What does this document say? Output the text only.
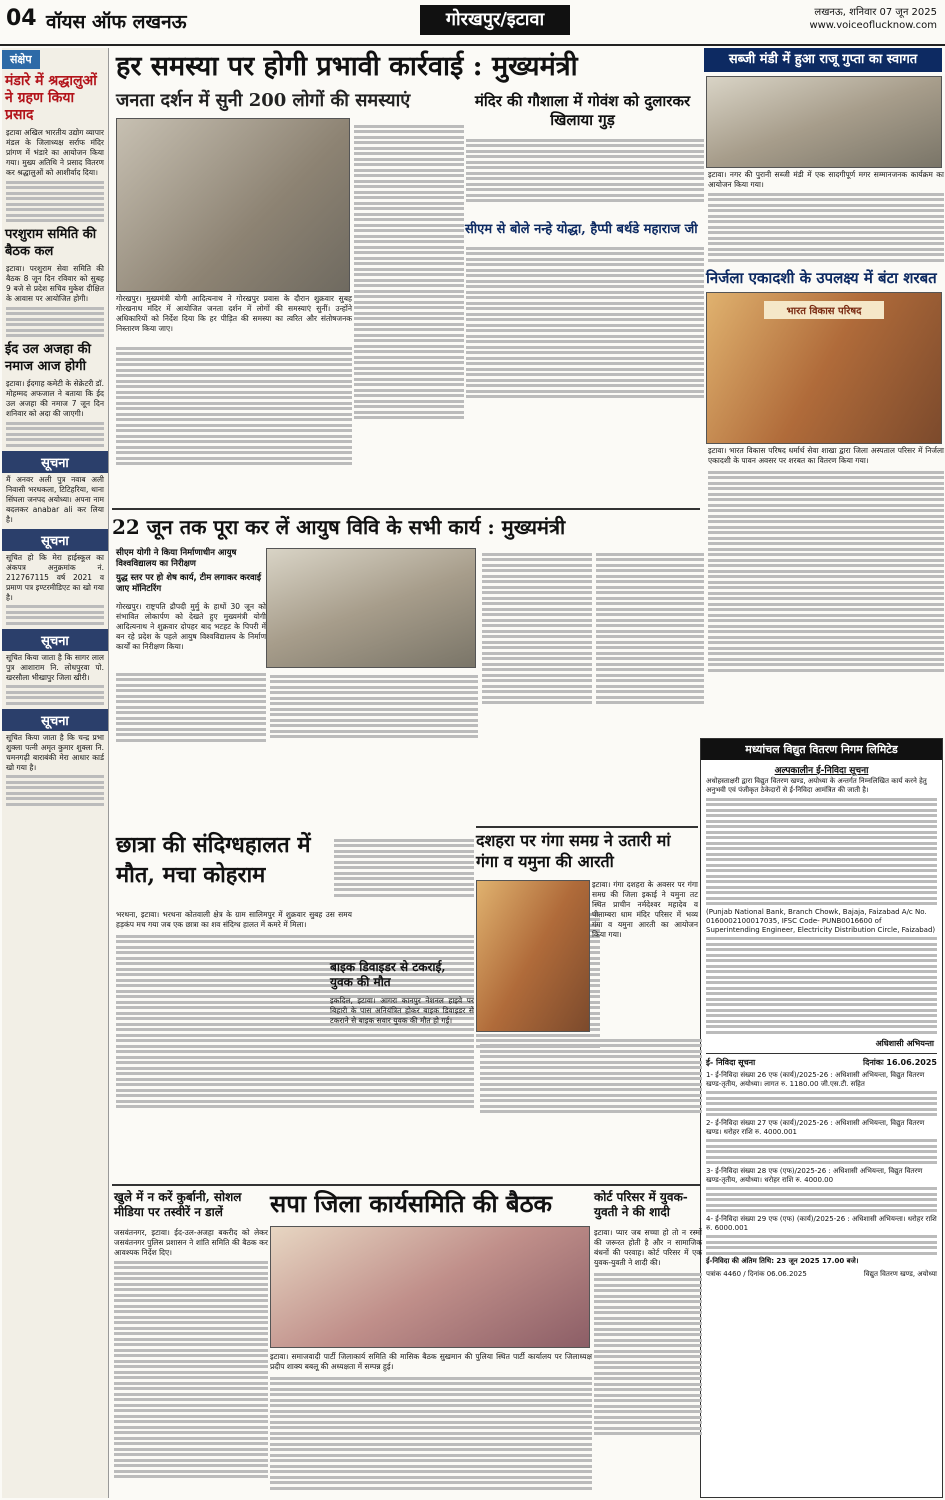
04 वॉयस ऑफ लखनऊ	गोरखपुर/इटावा	लखनऊ, शनिवार 07 जून 2025
www.voiceoflucknow.com
संक्षेप
मंडारे में श्रद्धालुओं ने ग्रहण किया प्रसाद
इटावा अखिल भारतीय उद्योग व्यापार मंडल के जिलाध्यक्ष सर्राफ मंदिर प्रांगण में भंडारे का आयोजन किया गया। मुख्य अतिथि ने प्रसाद वितरण कर श्रद्धालुओं को आशीर्वाद दिया।
परशुराम समिति की बैठक कल
इटावा। परशुराम सेवा समिति की बैठक 8 जून दिन रविवार को सुबह 9 बजे से प्रदेश सचिव मुकेश दीक्षित के आवास पर आयोजित होगी।
ईद उल अजहा की नमाज आज होगी
इटावा। ईदगाह कमेटी के सेक्रेटरी डॉ. मोहम्मद अफजाल ने बताया कि ईद उल अजहा की नमाज 7 जून दिन शनिवार को अदा की जाएगी।
सूचना
मैं अनवर अली पुत्र नवाब अली निवासी भरथकला, टिटिहरिया, थाना सिंघला जनपद अयोध्या। अपना नाम बदलकर anabar ali कर लिया है।
सूचना
सूचित हो कि मेरा हाईस्कूल का अंकपत्र अनुक्रमांक नं. 212767115 वर्ष 2021 व प्रमाण पत्र इण्टरमीडिएट का खो गया है।
सूचना
सूचित किया जाता है कि सागर लाल पुत्र आशाराम नि. लोधपुरवा पो. खरसौला भीखापुर जिला खीरी।
सूचना
सूचित किया जाता है कि चन्द्र प्रभा शुक्ला पत्नी अमृत कुमार शुक्ला नि. चमनगढ़ी बाराबंकी मेरा आधार कार्ड खो गया है।
हर समस्या पर होगी प्रभावी कार्रवाई : मुख्यमंत्री
जनता दर्शन में सुनी 200 लोगों की समस्याएं
गोरखपुर। मुख्यमंत्री योगी आदित्यनाथ ने गोरखपुर प्रवास के दौरान शुक्रवार सुबह गोरखनाथ मंदिर में आयोजित जनता दर्शन में लोगों की समस्याएं सुनीं। उन्होंने अधिकारियों को निर्देश दिया कि हर पीड़ित की समस्या का त्वरित और संतोषजनक निस्तारण किया जाए।
मंदिर की गौशाला में गोवंश को दुलारकर खिलाया गुड़
सीएम से बोले नन्हे योद्धा, हैप्पी बर्थडे महाराज जी
सब्जी मंडी में हुआ राजू गुप्ता का स्वागत
इटावा। नगर की पुरानी सब्जी मंडी में एक सादगीपूर्ण मगर सम्मानजनक कार्यक्रम का आयोजन किया गया।
निर्जला एकादशी के उपलक्ष्य में बंटा शरबत
भारत विकास परिषद
इटावा। भारत विकास परिषद धर्मार्थ सेवा शाखा द्वारा जिला अस्पताल परिसर में निर्जला एकादशी के पावन अवसर पर शरबत का वितरण किया गया।
22 जून तक पूरा कर लें आयुष विवि के सभी कार्य : मुख्यमंत्री
सीएम योगी ने किया निर्माणाधीन आयुष विश्वविद्यालय का निरीक्षण
युद्ध स्तर पर हो शेष कार्य, टीम लगाकर करवाई जाए मॉनिटरिंग
गोरखपुर। राष्ट्रपति द्रौपदी मुर्मु के हाथों 30 जून को संभावित लोकार्पण को देखते हुए मुख्यमंत्री योगी आदित्यनाथ ने शुक्रवार दोपहर बाद भटहट के पिपरी में बन रहे प्रदेश के पहले आयुष विश्वविद्यालय के निर्माण कार्यों का निरीक्षण किया।
छात्रा की संदिग्धहालत में मौत, मचा कोहराम
भरथना, इटावा। भरथना कोतवाली क्षेत्र के ग्राम सालिमपुर में शुक्रवार सुबह उस समय हड़कंप मच गया जब एक छात्रा का शव संदिग्ध हालत में कमरे में मिला।
बाइक डिवाइडर से टकराई, युवक की मौत
इकदिल, इटावा। आगरा कानपुर नेशनल हाइवे पर बिहारी के पास अनियंत्रित होकर बाइक डिवाइडर से टकराने से बाइक सवार युवक की मौत हो गई।
मध्यांचल विद्युत वितरण निगम लिमिटेड
अल्पकालीन ई-निविदा सूचना
अधोहस्ताक्षरी द्वारा विद्युत वितरण खण्ड, अयोध्या के अन्तर्गत निम्नलिखित कार्य करने हेतु अनुभवी एवं पंजीकृत ठेकेदारों से ई-निविदा आमंत्रित की जाती है।
(Punjab National Bank, Branch Chowk, Bajaja, Faizabad A/c No. 0160002100017035, IFSC Code- PUNB0016600 of Superintending Engineer, Electricity Distribution Circle, Faizabad)
अधिशासी अभियन्ता
ई- निविदा सूचना	दिनांकः 16.06.2025
1- ई-निविदा संख्या 26 एफ (कार्य)/2025-26 : अधिशासी अभियन्ता, विद्युत वितरण खण्ड-तृतीय, अयोध्या। लागत रु. 1180.00 जी.एस.टी. सहित
2- ई-निविदा संख्या 27 एफ (कार्य)/2025-26 : अधिशासी अभियन्ता, विद्युत वितरण खण्ड। धरोहर राशि रु. 4000.001
3- ई-निविदा संख्या 28 एफ (एफ)/2025-26 : अधिशासी अभियन्ता, विद्युत वितरण खण्ड-तृतीय, अयोध्या। धरोहर राशि रु. 4000.00
4- ई-निविदा संख्या 29 एफ (एफ) (कार्य)/2025-26 : अधिशासी अभियन्ता। धरोहर राशि रु. 6000.001
ई-निविदा की अंतिम तिथि: 23 जून 2025 17.00 बजे।
पत्रांक 4460 / दिनांक 06.06.2025	विद्युत वितरण खण्ड, अयोध्या
खुले में न करें कुर्बानी, सोशल मीडिया पर तस्वीरें न डालें
जसवंतनगर, इटावा। ईद-उल-अजहा बकरीद को लेकर जसवंतनगर पुलिस प्रशासन ने शांति समिति की बैठक कर आवश्यक निर्देश दिए।
सपा जिला कार्यसमिति की बैठक
इटावा। समाजवादी पार्टी जिलाकार्य समिति की मासिक बैठक सुखमान की पुलिया स्थित पार्टी कार्यालय पर जिलाध्यक्ष प्रदीप शाक्य बबलू की अध्यक्षता में सम्पन्न हुई।
कोर्ट परिसर में युवक-युवती ने की शादी
इटावा। प्यार जब सच्चा हो तो न रस्मों की जरूरत होती है और न सामाजिक बंधनों की परवाह। कोर्ट परिसर में एक युवक-युवती ने शादी की।
दशहरा पर गंगा समग्र ने उतारी मां गंगा व यमुना की आरती
इटावा। गंगा दशहरा के अवसर पर गंगा समग्र की जिला इकाई ने यमुना तट स्थित प्राचीन नर्मदेश्वर महादेव व पीताम्बरा धाम मंदिर परिसर में भव्य गंगा व यमुना आरती का आयोजन किया गया।
